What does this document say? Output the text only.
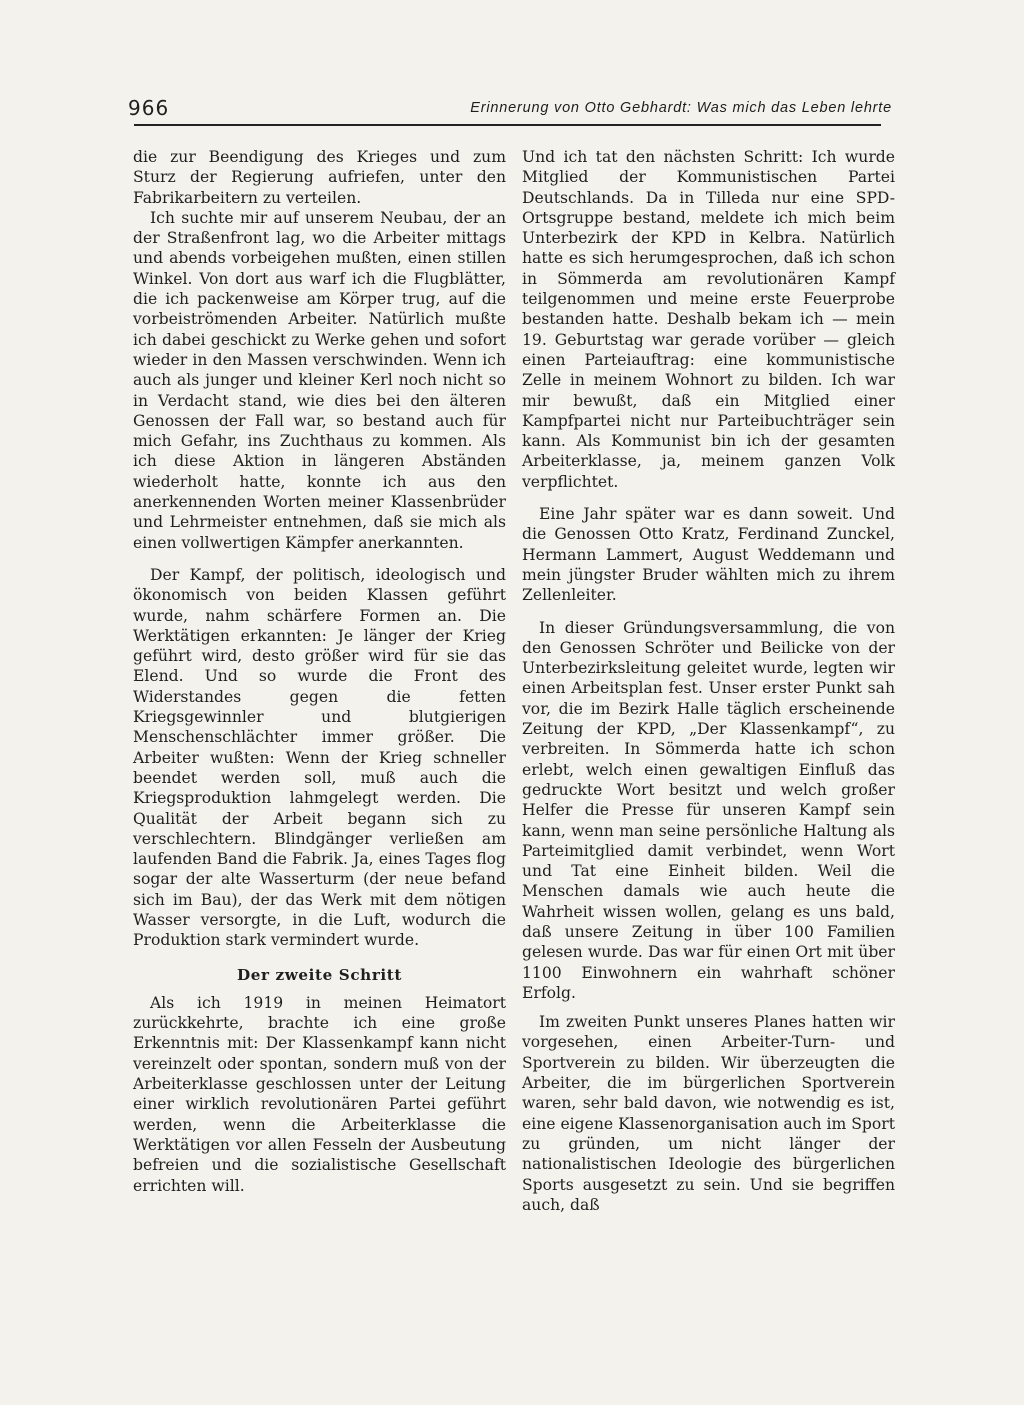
966	Erinnerung von Otto Gebhardt: Was mich das Leben lehrte

die zur Beendigung des Krieges und zum Sturz der Regierung aufriefen, unter den Fabrikarbeitern zu verteilen.

Ich suchte mir auf unserem Neubau, der an der Straßenfront lag, wo die Arbeiter mittags und abends vorbeigehen mußten, einen stillen Winkel. Von dort aus warf ich die Flugblätter, die ich packenweise am Körper trug, auf die vorbeiströmenden Arbeiter. Natürlich mußte ich dabei geschickt zu Werke gehen und sofort wieder in den Massen verschwinden. Wenn ich auch als junger und kleiner Kerl noch nicht so in Verdacht stand, wie dies bei den älteren Genossen der Fall war, so bestand auch für mich Gefahr, ins Zuchthaus zu kommen. Als ich diese Aktion in längeren Abständen wiederholt hatte, konnte ich aus den anerkennenden Worten meiner Klassenbrüder und Lehrmeister entnehmen, daß sie mich als einen vollwertigen Kämpfer anerkannten.

Der Kampf, der politisch, ideologisch und ökonomisch von beiden Klassen geführt wurde, nahm schärfere Formen an. Die Werktätigen erkannten: Je länger der Krieg geführt wird, desto größer wird für sie das Elend. Und so wurde die Front des Widerstandes gegen die fetten Kriegsgewinnler und blutgierigen Menschenschlächter immer größer. Die Arbeiter wußten: Wenn der Krieg schneller beendet werden soll, muß auch die Kriegsproduktion lahmgelegt werden. Die Qualität der Arbeit begann sich zu verschlechtern. Blindgänger verließen am laufenden Band die Fabrik. Ja, eines Tages flog sogar der alte Wasserturm (der neue befand sich im Bau), der das Werk mit dem nötigen Wasser versorgte, in die Luft, wodurch die Produktion stark vermindert wurde.

Der zweite Schritt

Als ich 1919 in meinen Heimatort zurückkehrte, brachte ich eine große Erkenntnis mit: Der Klassenkampf kann nicht vereinzelt oder spontan, sondern muß von der Arbeiterklasse geschlossen unter der Leitung einer wirklich revolutionären Partei geführt werden, wenn die Arbeiterklasse die Werktätigen vor allen Fesseln der Ausbeutung befreien und die sozialistische Gesellschaft errichten will.

Und ich tat den nächsten Schritt: Ich wurde Mitglied der Kommunistischen Partei Deutschlands. Da in Tilleda nur eine SPD-Ortsgruppe bestand, meldete ich mich beim Unterbezirk der KPD in Kelbra. Natürlich hatte es sich herumgesprochen, daß ich schon in Sömmerda am revolutionären Kampf teilgenommen und meine erste Feuerprobe bestanden hatte. Deshalb bekam ich — mein 19. Geburtstag war gerade vorüber — gleich einen Parteiauftrag: eine kommunistische Zelle in meinem Wohnort zu bilden. Ich war mir bewußt, daß ein Mitglied einer Kampfpartei nicht nur Parteibuchträger sein kann. Als Kommunist bin ich der gesamten Arbeiterklasse, ja, meinem ganzen Volk verpflichtet.

Eine Jahr später war es dann soweit. Und die Genossen Otto Kratz, Ferdinand Zunckel, Hermann Lammert, August Weddemann und mein jüngster Bruder wählten mich zu ihrem Zellenleiter.

In dieser Gründungsversammlung, die von den Genossen Schröter und Beilicke von der Unterbezirksleitung geleitet wurde, legten wir einen Arbeitsplan fest. Unser erster Punkt sah vor, die im Bezirk Halle täglich erscheinende Zeitung der KPD, „Der Klassenkampf“, zu verbreiten. In Sömmerda hatte ich schon erlebt, welch einen gewaltigen Einfluß das gedruckte Wort besitzt und welch großer Helfer die Presse für unseren Kampf sein kann, wenn man seine persönliche Haltung als Parteimitglied damit verbindet, wenn Wort und Tat eine Einheit bilden. Weil die Menschen damals wie auch heute die Wahrheit wissen wollen, gelang es uns bald, daß unsere Zeitung in über 100 Familien gelesen wurde. Das war für einen Ort mit über 1100 Einwohnern ein wahrhaft schöner Erfolg.

Im zweiten Punkt unseres Planes hatten wir vorgesehen, einen Arbeiter-Turn- und Sportverein zu bilden. Wir überzeugten die Arbeiter, die im bürgerlichen Sportverein waren, sehr bald davon, wie notwendig es ist, eine eigene Klassenorganisation auch im Sport zu gründen, um nicht länger der nationalistischen Ideologie des bürgerlichen Sports ausgesetzt zu sein. Und sie begriffen auch, daß
